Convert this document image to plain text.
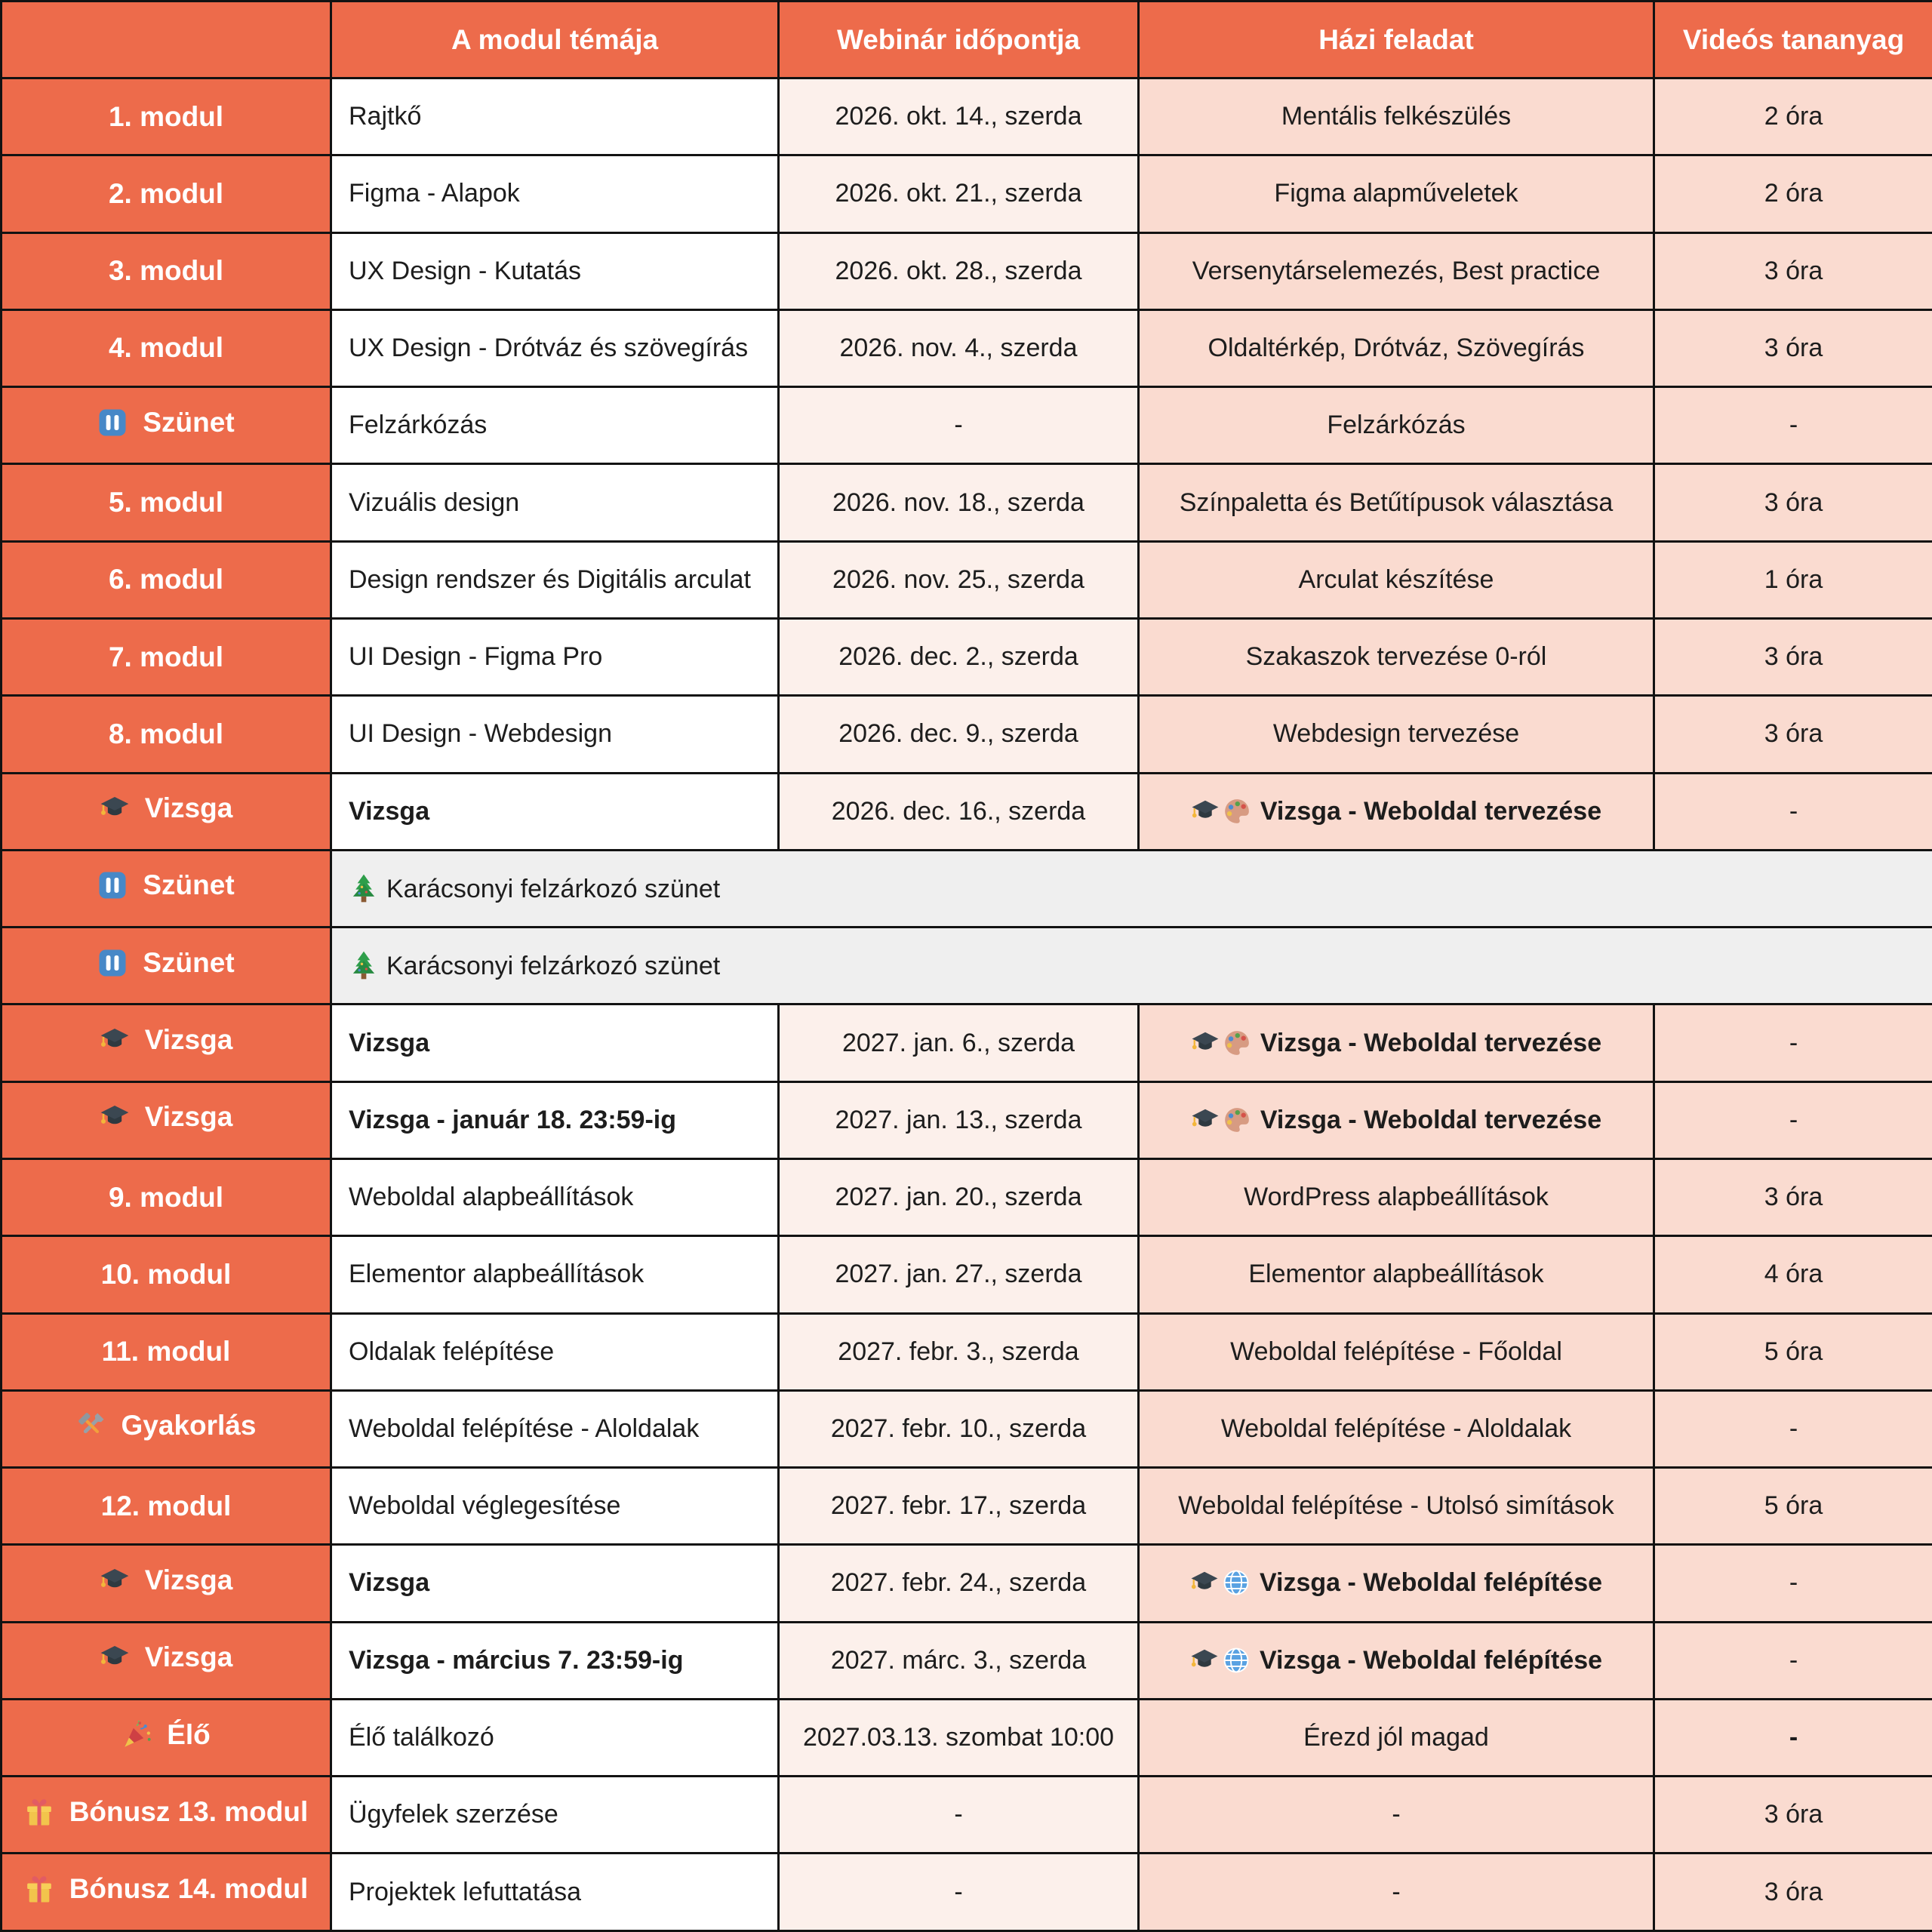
	A modul témája	Webinár időpontja	Házi feladat	Videós tananyag

1. modul	Rajtkő	2026. okt. 14., szerda	Mentális felkészülés	2 óra

2. modul	Figma - Alapok	2026. okt. 21., szerda	Figma alapműveletek	2 óra

3. modul	UX Design - Kutatás	2026. okt. 28., szerda	Versenytárselemezés, Best practice	3 óra

4. modul	UX Design - Drótváz és szövegírás	2026. nov. 4., szerda	Oldaltérkép, Drótváz, Szövegírás	3 óra

Szünet	Felzárkózás	-	Felzárkózás	-

5. modul	Vizuális design	2026. nov. 18., szerda	Színpaletta és Betűtípusok választása	3 óra

6. modul	Design rendszer és Digitális arculat	2026. nov. 25., szerda	Arculat készítése	1 óra

7. modul	UI Design - Figma Pro	2026. dec. 2., szerda	Szakaszok tervezése 0-ról	3 óra

8. modul	UI Design - Webdesign	2026. dec. 9., szerda	Webdesign tervezése	3 óra

Vizsga	Vizsga	2026. dec. 16., szerda	Vizsga - Weboldal tervezése	-

Szünet	Karácsonyi felzárkozó szünet			

Szünet	Karácsonyi felzárkozó szünet			

Vizsga	Vizsga	2027. jan. 6., szerda	Vizsga - Weboldal tervezése	-

Vizsga	Vizsga - január 18. 23:59-ig	2027. jan. 13., szerda	Vizsga - Weboldal tervezése	-

9. modul	Weboldal alapbeállítások	2027. jan. 20., szerda	WordPress alapbeállítások	3 óra

10. modul	Elementor alapbeállítások	2027. jan. 27., szerda	Elementor alapbeállítások	4 óra

11. modul	Oldalak felépítése	2027. febr. 3., szerda	Weboldal felépítése - Főoldal	5 óra

Gyakorlás	Weboldal felépítése - Aloldalak	2027. febr. 10., szerda	Weboldal felépítése - Aloldalak	-

12. modul	Weboldal véglegesítése	2027. febr. 17., szerda	Weboldal felépítése - Utolsó simítások	5 óra

Vizsga	Vizsga	2027. febr. 24., szerda	Vizsga - Weboldal felépítése	-

Vizsga	Vizsga - március 7. 23:59-ig	2027. márc. 3., szerda	Vizsga - Weboldal felépítése	-

Élő	Élő találkozó	2027.03.13. szombat 10:00	Érezd jól magad	-

Bónusz 13. modul	Ügyfelek szerzése	-	-	3 óra

Bónusz 14. modul	Projektek lefuttatása	-	-	3 óra
